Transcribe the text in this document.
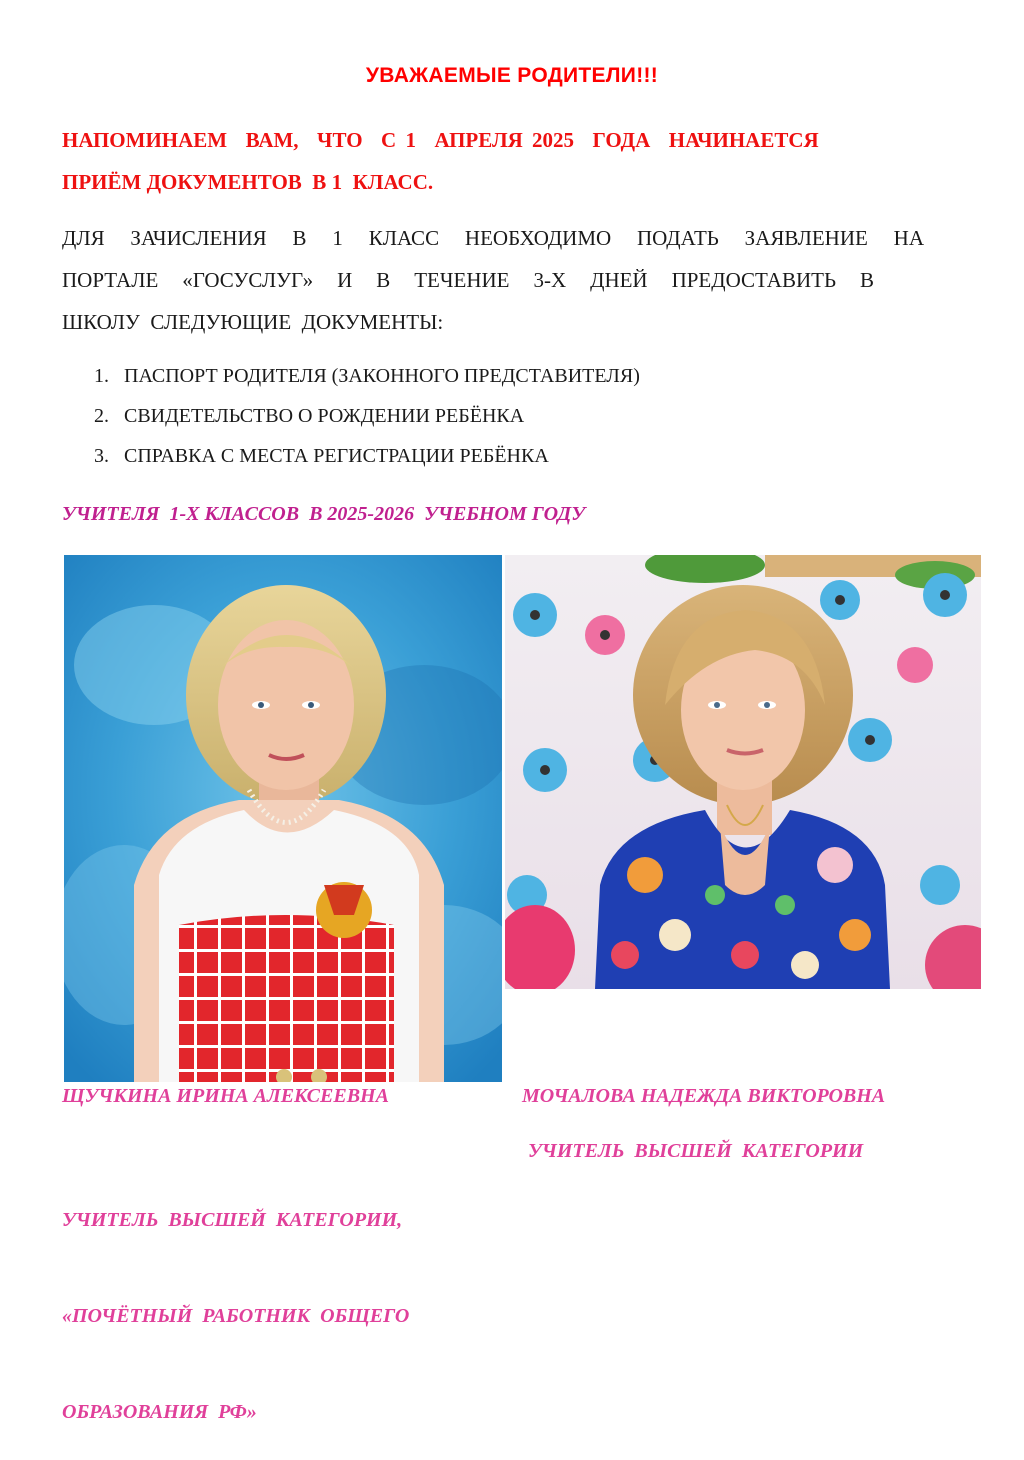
УВАЖАЕМЫЕ РОДИТЕЛИ!!!
НАПОМИНАЕМ  ВАМ,  ЧТО  С 1  АПРЕЛЯ 2025  ГОДА  НАЧИНАЕТСЯ
ПРИЁМ ДОКУМЕНТОВ  В 1  КЛАСС.
ДЛЯ ЗАЧИСЛЕНИЯ В 1 КЛАСС НЕОБХОДИМО ПОДАТЬ ЗАЯВЛЕНИЕ НА
ПОРТАЛЕ «ГОСУСЛУГ» И В ТЕЧЕНИЕ 3-Х ДНЕЙ ПРЕДОСТАВИТЬ В
ШКОЛУ  СЛЕДУЮЩИЕ  ДОКУМЕНТЫ:
1. ПАСПОРТ РОДИТЕЛЯ (ЗАКОННОГО ПРЕДСТАВИТЕЛЯ)
2. СВИДЕТЕЛЬСТВО О РОЖДЕНИИ РЕБЁНКА
3. СПРАВКА С МЕСТА РЕГИСТРАЦИИ РЕБЁНКА
УЧИТЕЛЯ  1-Х КЛАССОВ  В 2025-2026  УЧЕБНОМ ГОДУ
ЩУЧКИНА ИРИНА АЛЕКСЕЕВНА	МОЧАЛОВА НАДЕЖДА ВИКТОРОВНА

УЧИТЕЛЬ  ВЫСШЕЙ  КАТЕГОРИИ,

«ПОЧЁТНЫЙ  РАБОТНИК  ОБЩЕГО

ОБРАЗОВАНИЯ  РФ»

УЧИТЕЛЬ  ВЫСШЕЙ  КАТЕГОРИИ
